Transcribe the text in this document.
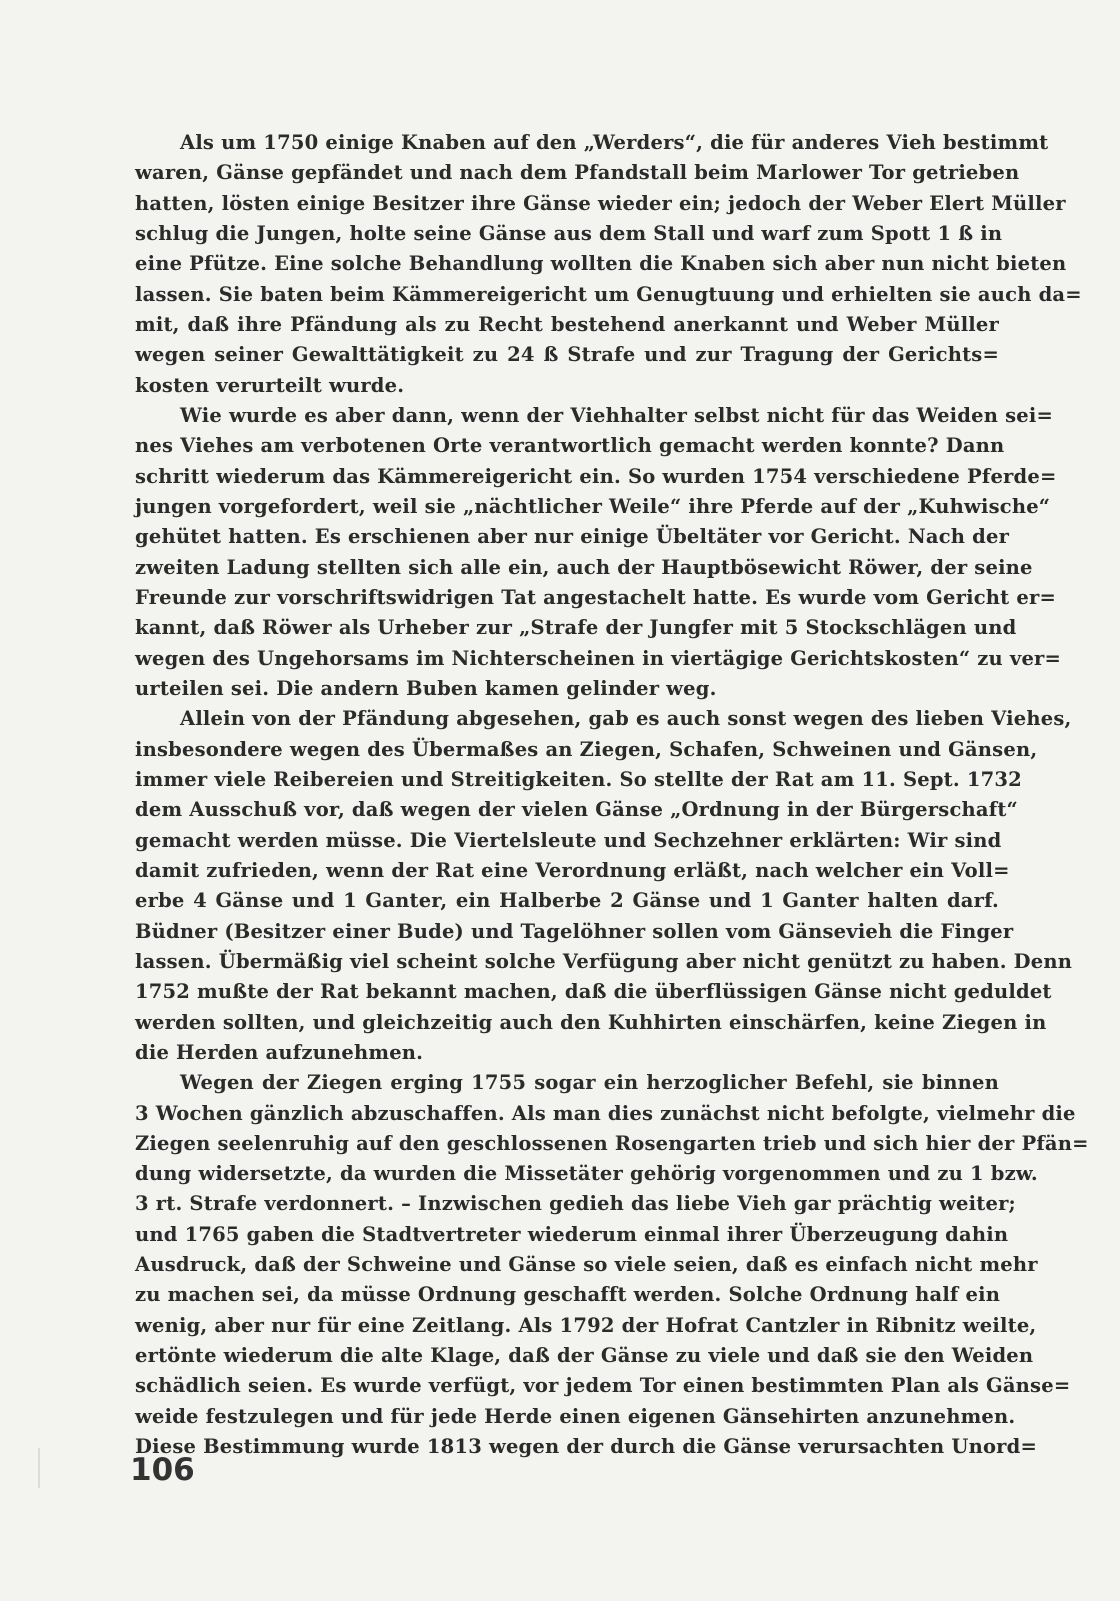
Als um 1750 einige Knaben auf den „Werders“, die für anderes Vieh bestimmt
waren, Gänse gepfändet und nach dem Pfandstall beim Marlower Tor getrieben
hatten, lösten einige Besitzer ihre Gänse wieder ein; jedoch der Weber Elert Müller
schlug die Jungen, holte seine Gänse aus dem Stall und warf zum Spott 1 ß in
eine Pfütze. Eine solche Behandlung wollten die Knaben sich aber nun nicht bieten
lassen. Sie baten beim Kämmereigericht um Genugtuung und erhielten sie auch da=
mit, daß ihre Pfändung als zu Recht bestehend anerkannt und Weber Müller
wegen seiner Gewalttätigkeit zu 24 ß Strafe und zur Tragung der Gerichts=
kosten verurteilt wurde.
Wie wurde es aber dann, wenn der Viehhalter selbst nicht für das Weiden sei=
nes Viehes am verbotenen Orte verantwortlich gemacht werden konnte? Dann
schritt wiederum das Kämmereigericht ein. So wurden 1754 verschiedene Pferde=
jungen vorgefordert, weil sie „nächtlicher Weile“ ihre Pferde auf der „Kuhwische“
gehütet hatten. Es erschienen aber nur einige Übeltäter vor Gericht. Nach der
zweiten Ladung stellten sich alle ein, auch der Hauptbösewicht Röwer, der seine
Freunde zur vorschriftswidrigen Tat angestachelt hatte. Es wurde vom Gericht er=
kannt, daß Röwer als Urheber zur „Strafe der Jungfer mit 5 Stockschlägen und
wegen des Ungehorsams im Nichterscheinen in viertägige Gerichtskosten“ zu ver=
urteilen sei. Die andern Buben kamen gelinder weg.
Allein von der Pfändung abgesehen, gab es auch sonst wegen des lieben Viehes,
insbesondere wegen des Übermaßes an Ziegen, Schafen, Schweinen und Gänsen,
immer viele Reibereien und Streitigkeiten. So stellte der Rat am 11. Sept. 1732
dem Ausschuß vor, daß wegen der vielen Gänse „Ordnung in der Bürgerschaft“
gemacht werden müsse. Die Viertelsleute und Sechzehner erklärten: Wir sind
damit zufrieden, wenn der Rat eine Verordnung erläßt, nach welcher ein Voll=
erbe 4 Gänse und 1 Ganter, ein Halberbe 2 Gänse und 1 Ganter halten darf.
Büdner (Besitzer einer Bude) und Tagelöhner sollen vom Gänsevieh die Finger
lassen. Übermäßig viel scheint solche Verfügung aber nicht genützt zu haben. Denn
1752 mußte der Rat bekannt machen, daß die überflüssigen Gänse nicht geduldet
werden sollten, und gleichzeitig auch den Kuhhirten einschärfen, keine Ziegen in
die Herden aufzunehmen.
Wegen der Ziegen erging 1755 sogar ein herzoglicher Befehl, sie binnen
3 Wochen gänzlich abzuschaffen. Als man dies zunächst nicht befolgte, vielmehr die
Ziegen seelenruhig auf den geschlossenen Rosengarten trieb und sich hier der Pfän=
dung widersetzte, da wurden die Missetäter gehörig vorgenommen und zu 1 bzw.
3 rt. Strafe verdonnert. – Inzwischen gedieh das liebe Vieh gar prächtig weiter;
und 1765 gaben die Stadtvertreter wiederum einmal ihrer Überzeugung dahin
Ausdruck, daß der Schweine und Gänse so viele seien, daß es einfach nicht mehr
zu machen sei, da müsse Ordnung geschafft werden. Solche Ordnung half ein
wenig, aber nur für eine Zeitlang. Als 1792 der Hofrat Cantzler in Ribnitz weilte,
ertönte wiederum die alte Klage, daß der Gänse zu viele und daß sie den Weiden
schädlich seien. Es wurde verfügt, vor jedem Tor einen bestimmten Plan als Gänse=
weide festzulegen und für jede Herde einen eigenen Gänsehirten anzunehmen.
Diese Bestimmung wurde 1813 wegen der durch die Gänse verursachten Unord=
106
